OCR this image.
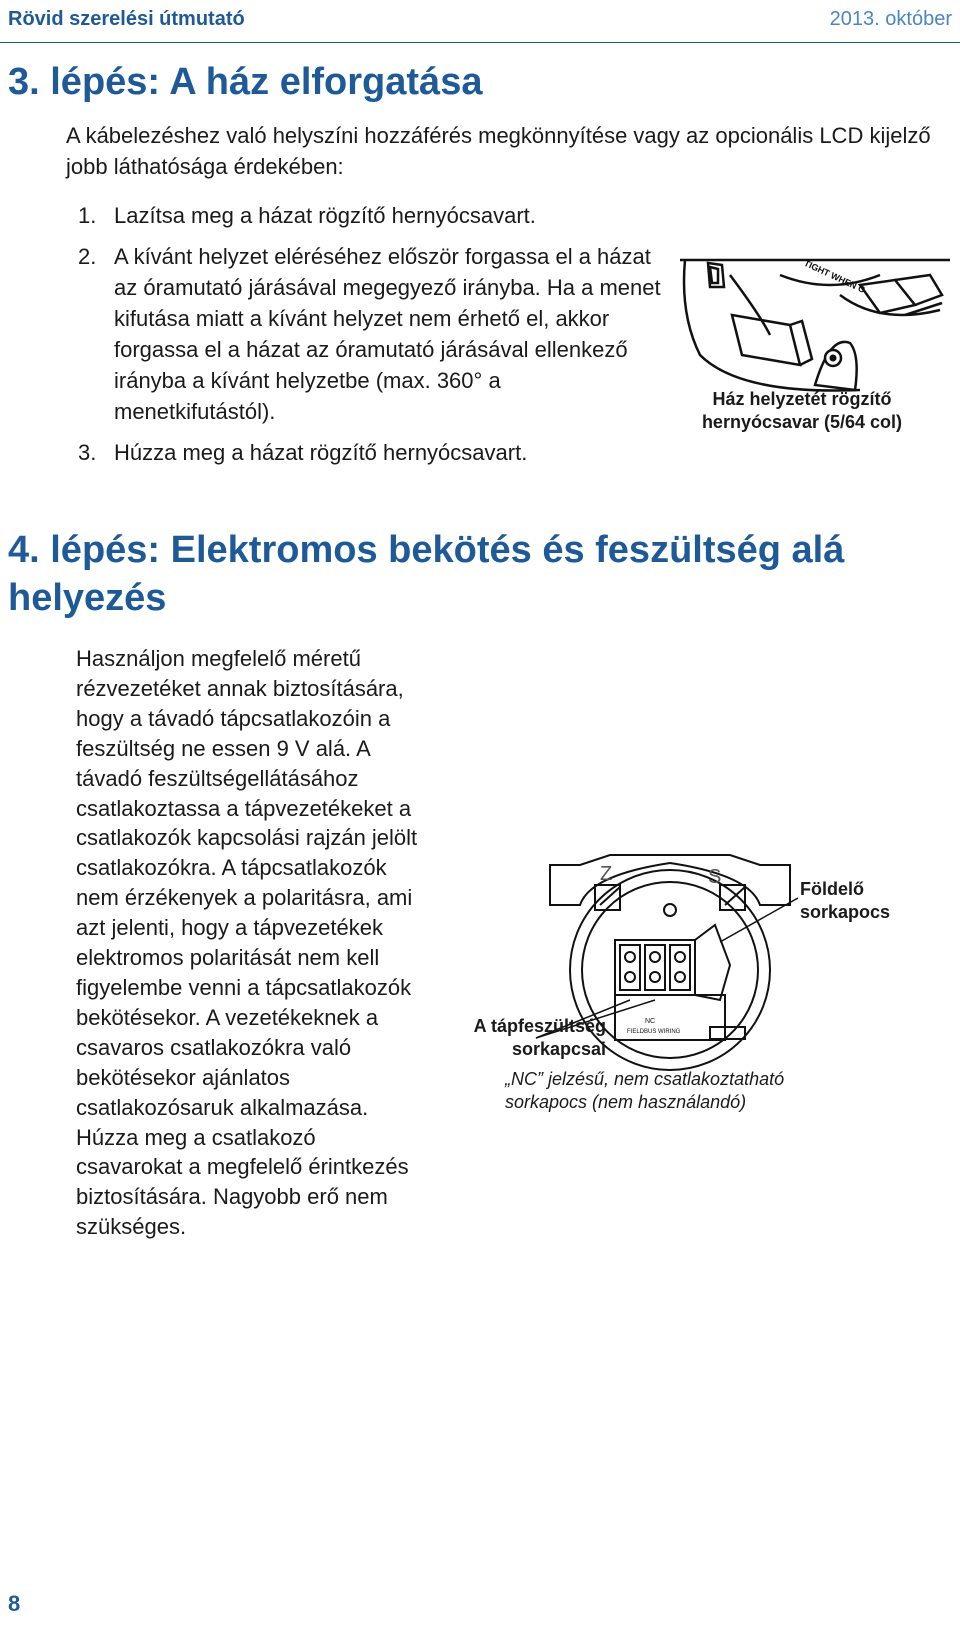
Rövid szerelési útmutató	2013. október
3. lépés: A ház elforgatása
A kábelezéshez való helyszíni hozzáférés megkönnyítése vagy az opcionális LCD kijelző jobb láthatósága érdekében:
1. Lazítsa meg a házat rögzítő hernyócsavart.
2. A kívánt helyzet eléréséhez először forgassa el a házat az óramutató járásával megegyező irányba. Ha a menet kifutása miatt a kívánt helyzet nem érhető el, akkor forgassa el a házat az óramutató járásával ellenkező irányba a kívánt helyzetbe (max. 360° a menetkifutástól).
3. Húzza meg a házat rögzítő hernyócsavart.
TIGHT WHEN C
Ház helyzetét rögzítő
hernyócsavar (5/64 col)
4. lépés: Elektromos bekötés és feszültség alá
helyezés
Használjon megfelelő méretű rézvezetéket annak biztosítására, hogy a távadó tápcsatlakozóin a feszültség ne essen 9 V alá. A távadó feszültségellátásához csatlakoztassa a tápvezetékeket a csatlakozók kapcsolási rajzán jelölt csatlakozókra. A tápcsatlakozók nem érzékenyek a polaritásra, ami azt jelenti, hogy a tápvezetékek elektromos polaritását nem kell figyelembe venni a tápcsatlakozók bekötésekor. A vezetékeknek a csavaros csatlakozókra való bekötésekor ajánlatos csatlakozósaruk alkalmazása. Húzza meg a csatlakozó csavarokat a megfelelő érintkezés biztosítására. Nagyobb erő nem szükséges.
Z	S
NC
FIELDBUS WIRING
Földelő
sorkapocs
A tápfeszültség
sorkapcsai
„NC” jelzésű, nem csatlakoztatható
sorkapocs (nem használandó)
8
